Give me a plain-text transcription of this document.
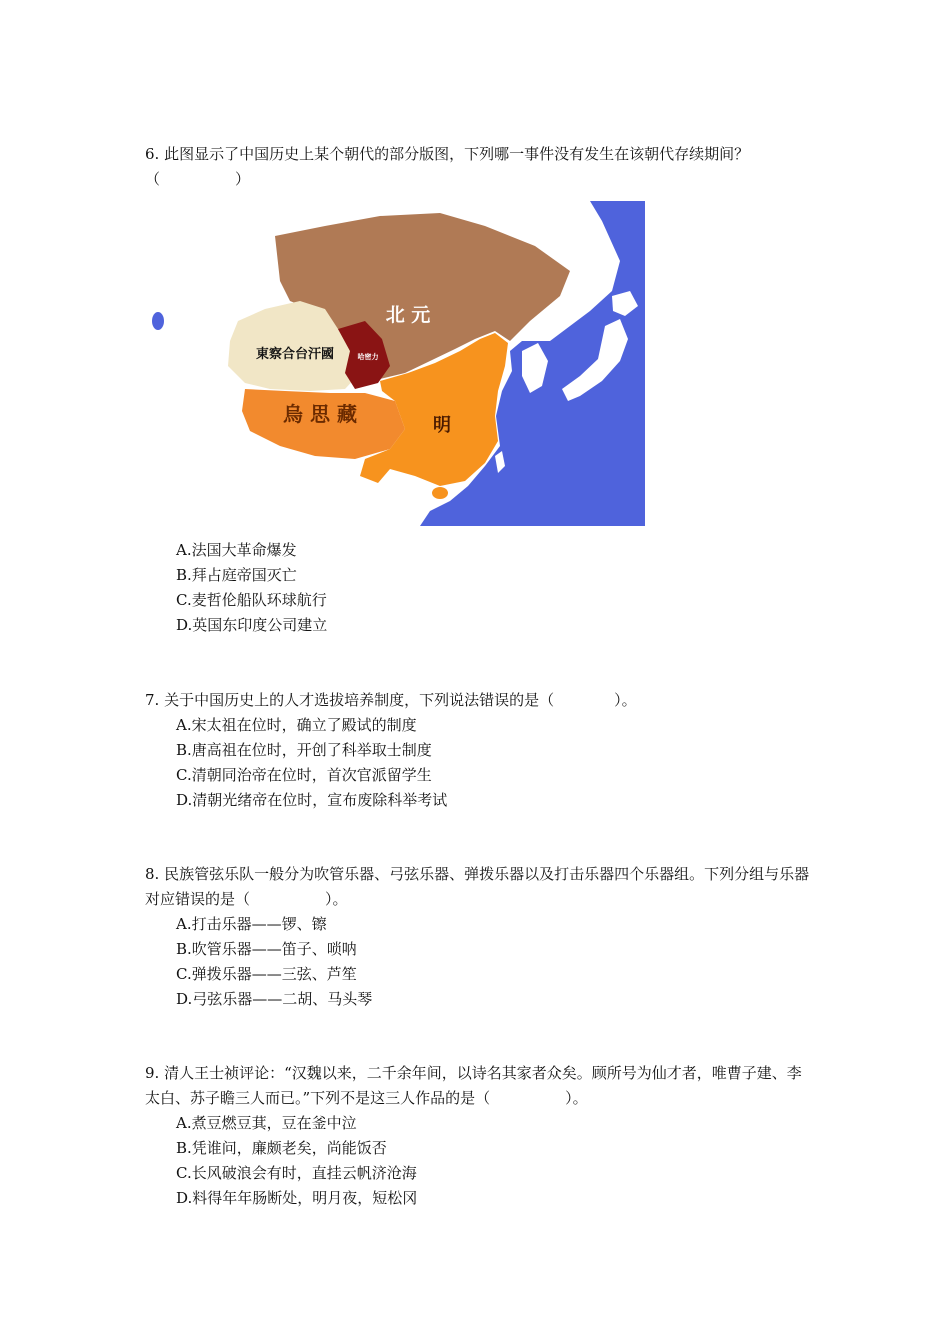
6. 此图显示了中国历史上某个朝代的部分版图，下列哪一事件没有发生在该朝代存续期间？（　　　　　）

北 元
東察合台汗國	哈密力
烏 思 藏	明
A.法国大革命爆发
B.拜占庭帝国灭亡
C.麦哲伦船队环球航行
D.英国东印度公司建立

7. 关于中国历史上的人才选拔培养制度，下列说法错误的是（　　　　）。

A.宋太祖在位时，确立了殿试的制度
B.唐高祖在位时，开创了科举取士制度
C.清朝同治帝在位时，首次官派留学生
D.清朝光绪帝在位时，宣布废除科举考试

8. 民族管弦乐队一般分为吹管乐器、弓弦乐器、弹拨乐器以及打击乐器四个乐器组。下列分组与乐器对应错误的是（　　　　　）。

A.打击乐器——锣、镲
B.吹管乐器——笛子、唢呐
C.弹拨乐器——三弦、芦笙
D.弓弦乐器——二胡、马头琴

9. 清人王士祯评论：“汉魏以来，二千余年间，以诗名其家者众矣。顾所号为仙才者，唯曹子建、李太白、苏子瞻三人而已。”下列不是这三人作品的是（　　　　　）。

A.煮豆燃豆萁，豆在釜中泣
B.凭谁问，廉颇老矣，尚能饭否
C.长风破浪会有时，直挂云帆济沧海
D.料得年年肠断处，明月夜，短松冈
